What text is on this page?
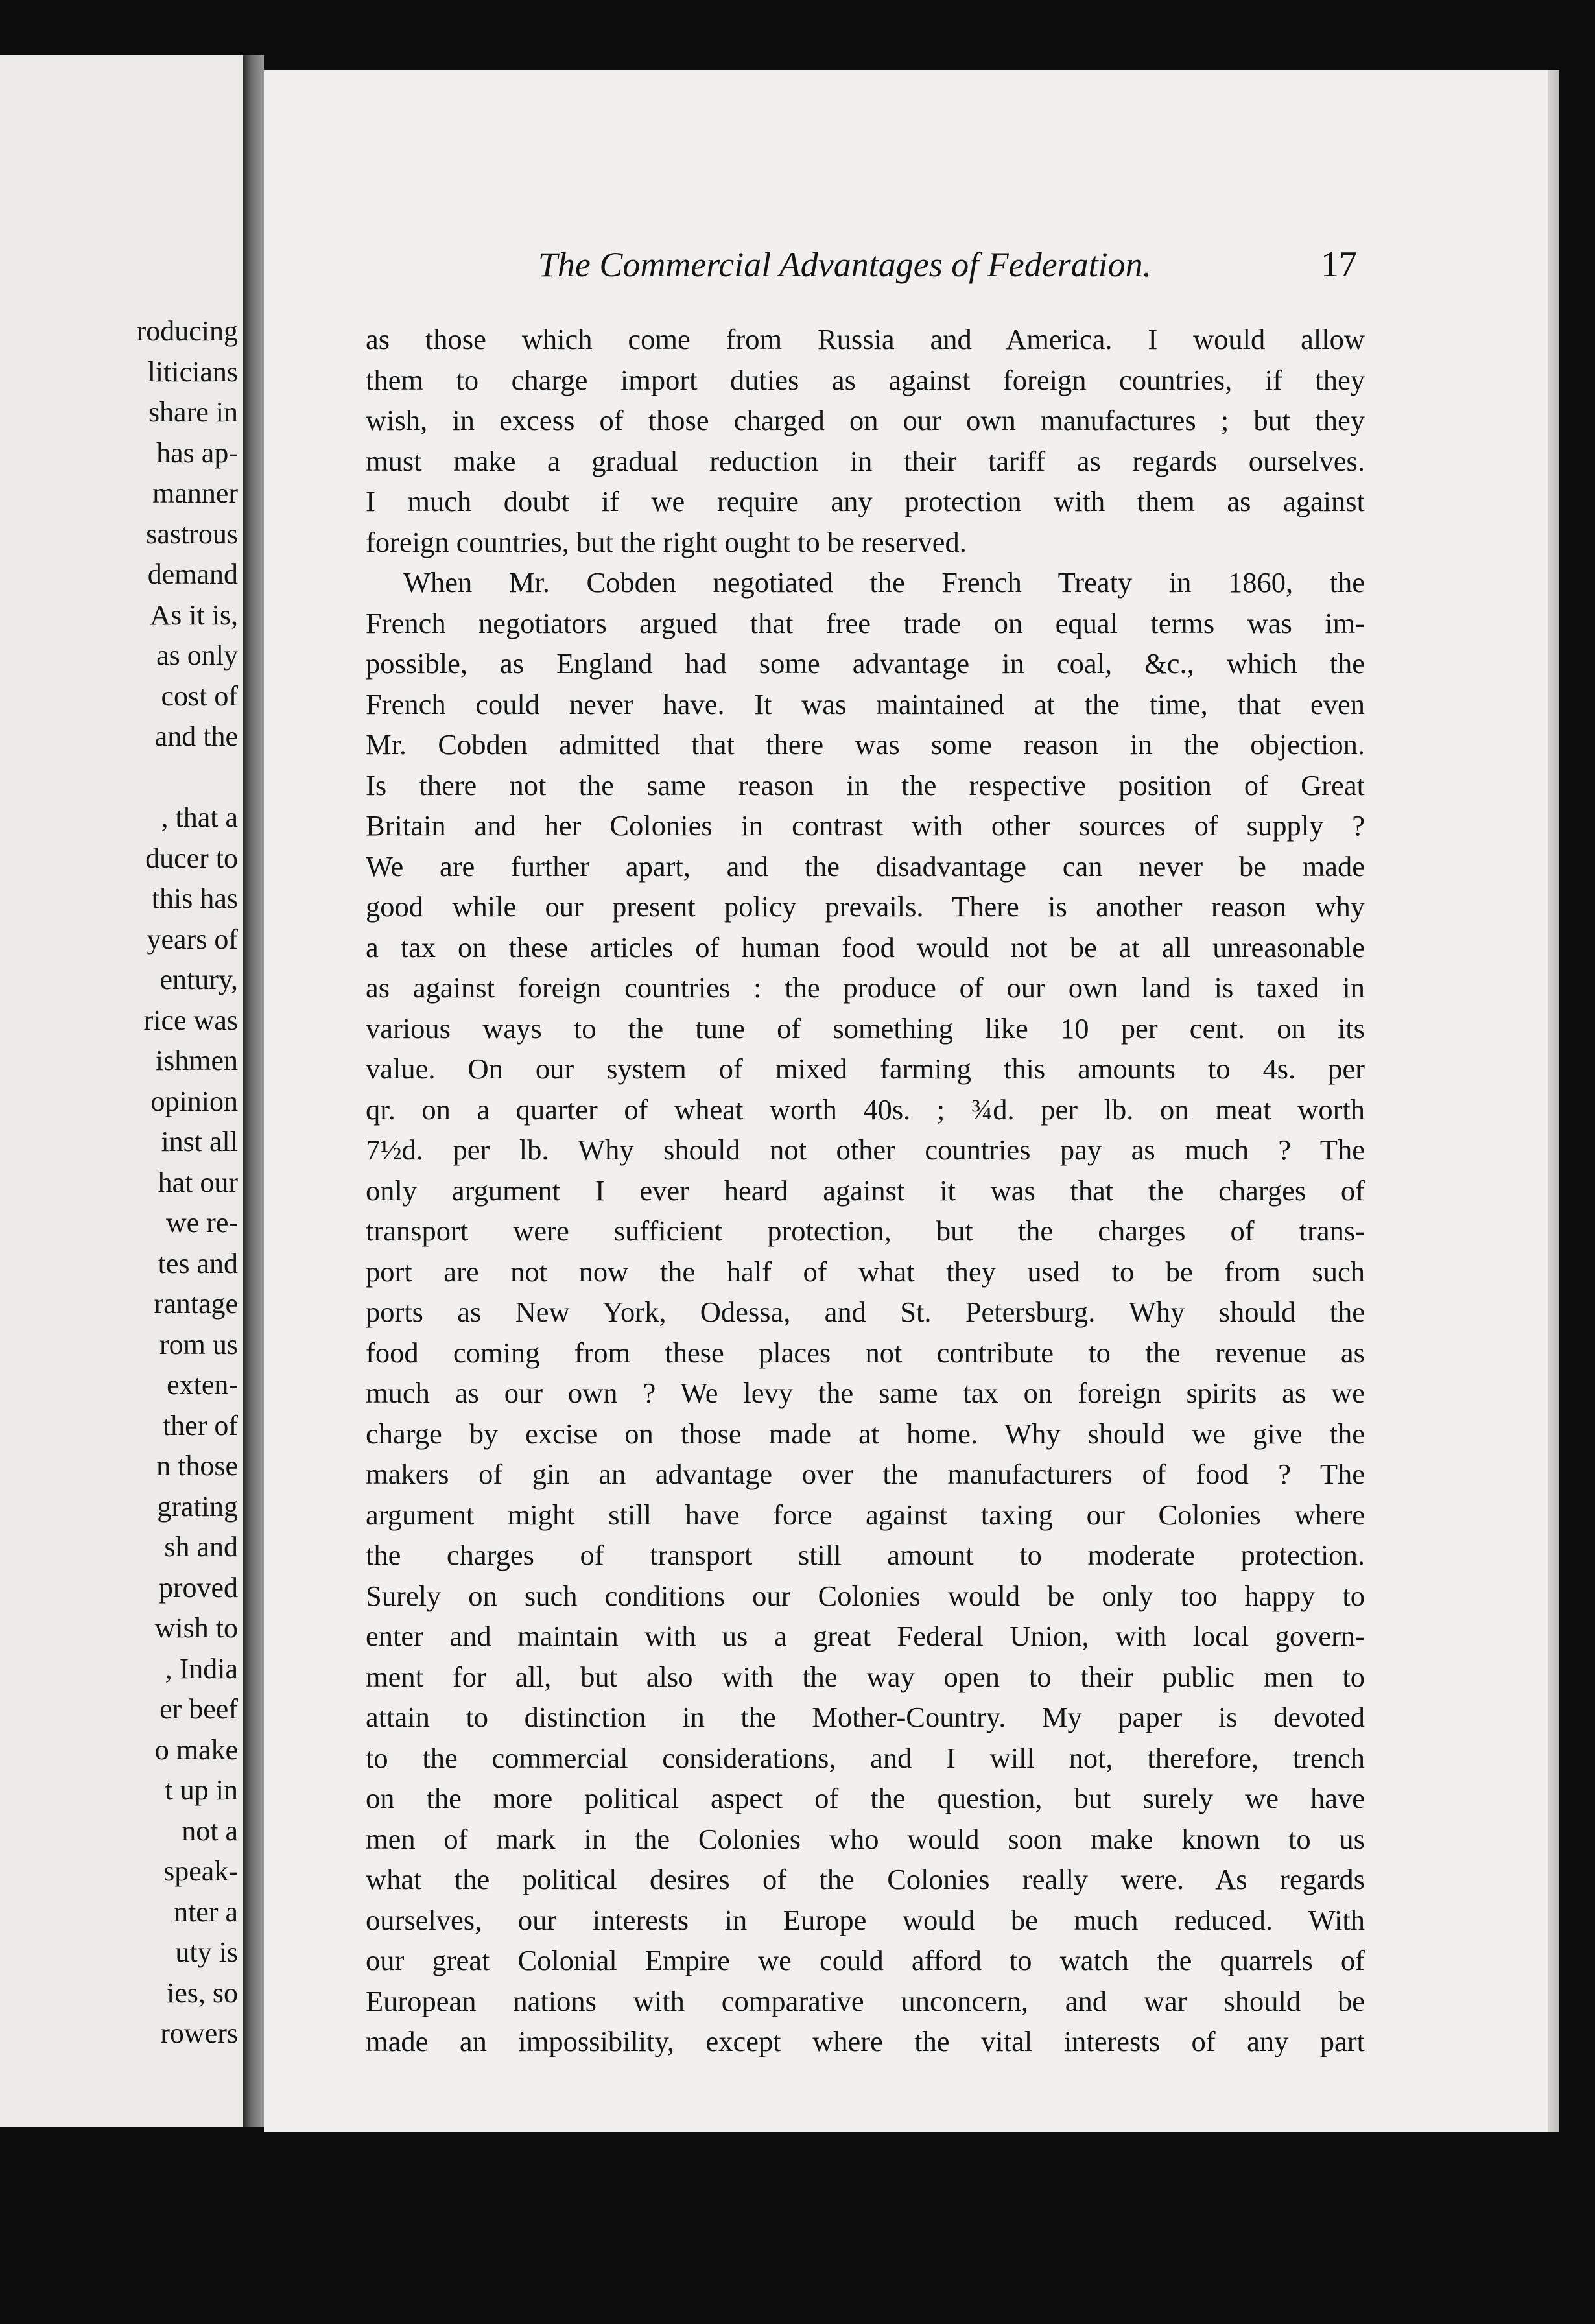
roducing
liticians
share in
has ap-
manner
sastrous
demand
As it is,
as only
cost of
and the
, that a
ducer to
this has
years of
entury,
rice was
ishmen
opinion
inst all
hat our
we re-
tes and
rantage
rom us
exten-
ther of
n those
grating
sh and
proved
wish to
, India
er beef
o make
t up in
not a
speak-
nter a
uty is
ies, so
rowers
The Commercial Advantages of Federation.	17
as those which come from Russia and America. I would allow
them to charge import duties as against foreign countries, if they
wish, in excess of those charged on our own manufactures ; but they
must make a gradual reduction in their tariff as regards ourselves.
I much doubt if we require any protection with them as against
foreign countries, but the right ought to be reserved.
When Mr. Cobden negotiated the French Treaty in 1860, the
French negotiators argued that free trade on equal terms was im-
possible, as England had some advantage in coal, &c., which the
French could never have. It was maintained at the time, that even
Mr. Cobden admitted that there was some reason in the objection.
Is there not the same reason in the respective position of Great
Britain and her Colonies in contrast with other sources of supply ?
We are further apart, and the disadvantage can never be made
good while our present policy prevails. There is another reason why
a tax on these articles of human food would not be at all unreasonable
as against foreign countries : the produce of our own land is taxed in
various ways to the tune of something like 10 per cent. on its
value. On our system of mixed farming this amounts to 4s. per
qr. on a quarter of wheat worth 40s. ; ¾d. per lb. on meat worth
7½d. per lb. Why should not other countries pay as much ? The
only argument I ever heard against it was that the charges of
transport were sufficient protection, but the charges of trans-
port are not now the half of what they used to be from such
ports as New York, Odessa, and St. Petersburg. Why should the
food coming from these places not contribute to the revenue as
much as our own ? We levy the same tax on foreign spirits as we
charge by excise on those made at home. Why should we give the
makers of gin an advantage over the manufacturers of food ? The
argument might still have force against taxing our Colonies where
the charges of transport still amount to moderate protection.
Surely on such conditions our Colonies would be only too happy to
enter and maintain with us a great Federal Union, with local govern-
ment for all, but also with the way open to their public men to
attain to distinction in the Mother-Country. My paper is devoted
to the commercial considerations, and I will not, therefore, trench
on the more political aspect of the question, but surely we have
men of mark in the Colonies who would soon make known to us
what the political desires of the Colonies really were. As regards
ourselves, our interests in Europe would be much reduced. With
our great Colonial Empire we could afford to watch the quarrels of
European nations with comparative unconcern, and war should be
made an impossibility, except where the vital interests of any part
